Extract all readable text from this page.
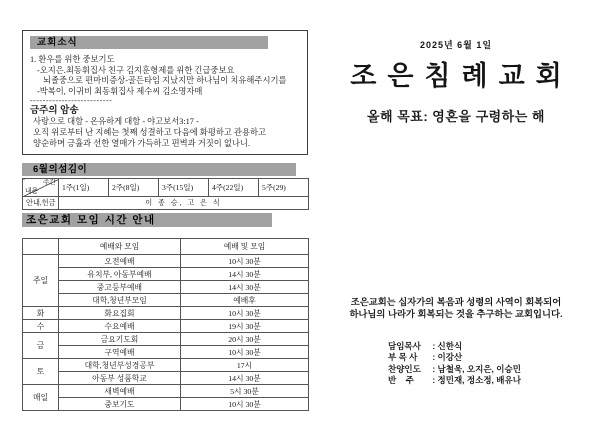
교회소식
1. 환우를 위한 중보기도
-오지은.최동휘집사 친구 김지훈형제를 위한 긴급중보요
뇌졸중으로 편마비증상-골든타임 지났지만 하나님이 치유해주시기를
-박복이, 이귀비 최동휘집사 제수씨 김소명자매
--------------------------
금주의 암송
사랑으로 대함 - 온유하게 대함 - 야고보서3:17 -
오직 위로부터 난 지혜는 첫째 성결하고 다음에 화평하고 관용하고
양순하며 긍휼과 선한 열매가 가득하고 편벽과 거짓이 없나니.
6월의섬김이
주간
내용	1주(1일)	2주(8일)	3주(15일)	4주(22일)	5주(29)
안내,헌금	이 종 승, 고 은 식				
조은교회 모임 시간 안내
	예배와 모임	예배 및 모임
주일	오전예배	10시 30분
	유치부, 아동부예배	14시 30분
	중고등부예배	14시 30분
	대학,청년부모임	예배후
화	화요집회	10시 30분
수	수요예배	19시 30분
금	금요기도회	20시 30분
	구역예배	10시 30분
토	대학,청년부성경공부	17시
	아동부 성품학교	14시 30분
매일	새벽예배	5시 30분
	중보기도	10시 30분
2025년 6월 1일
조은침례교회
올해 목표: 영혼을 구령하는 해
조은교회는 십자가의 복음과 성령의 사역이 회복되어
하나님의 나라가 회복되는 것을 추구하는 교회입니다.
담임목사 : 신한식
부 목 사 : 이강산
찬양인도 : 남철욱, 오지은, 이승민
반    주 : 정민재, 정소정, 배유나
